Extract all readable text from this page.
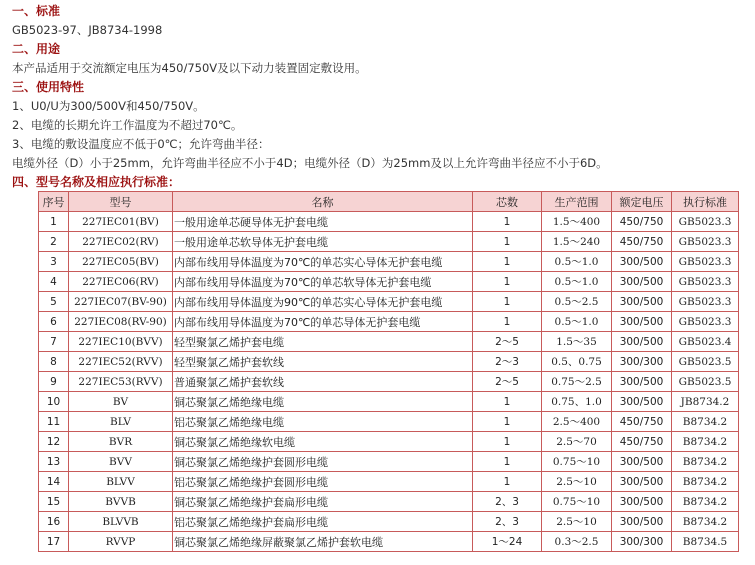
一、标准
GB5023-97、JB8734-1998
二、用途
本产品适用于交流额定电压为450/750V及以下动力装置固定敷设用。
三、使用特性
1、U0/U为300/500V和450/750V。
2、电缆的长期允许工作温度为不超过70℃。
3、电缆的敷设温度应不低于0℃；允许弯曲半径：
电缆外径（D）小于25mm，允许弯曲半径应不小于4D；电缆外径（D）为25mm及以上允许弯曲半径应不小于6D。
四、型号名称及相应执行标准：
序号	型号	名称	芯数	生产范围	额定电压	执行标准
1	227IEC01(BV)	一般用途单芯硬导体无护套电缆	1	1.5～400	450/750	GB5023.3
2	227IEC02(RV)	一般用途单芯软导体无护套电缆	1	1.5～240	450/750	GB5023.3
3	227IEC05(BV)	内部布线用导体温度为70℃的单芯实心导体无护套电缆	1	0.5～1.0	300/500	GB5023.3
4	227IEC06(RV)	内部布线用导体温度为70℃的单芯软导体无护套电缆	1	0.5～1.0	300/500	GB5023.3
5	227IEC07(BV-90)	内部布线用导体温度为90℃的单芯实心导体无护套电缆	1	0.5～2.5	300/500	GB5023.3
6	227IEC08(RV-90)	内部布线用导体温度为70℃的单芯导体无护套电缆	1	0.5～1.0	300/500	GB5023.3
7	227IEC10(BVV)	轻型聚氯乙烯护套电缆	2～5	1.5～35	300/500	GB5023.4
8	227IEC52(RVV)	轻型聚氯乙烯护套软线	2～3	0.5、0.75	300/300	GB5023.5
9	227IEC53(RVV)	普通聚氯乙烯护套软线	2～5	0.75～2.5	300/500	GB5023.5
10	BV	铜芯聚氯乙烯绝缘电缆	1	0.75、1.0	300/500	JB8734.2
11	BLV	铝芯聚氯乙烯绝缘电缆	1	2.5～400	450/750	B8734.2
12	BVR	铜芯聚氯乙烯绝缘软电缆	1	2.5～70	450/750	B8734.2
13	BVV	铜芯聚氯乙烯绝缘护套圆形电缆	1	0.75～10	300/500	B8734.2
14	BLVV	铝芯聚氯乙烯绝缘护套圆形电缆	1	2.5～10	300/500	B8734.2
15	BVVB	铜芯聚氯乙烯绝缘护套扁形电缆	2、3	0.75～10	300/500	B8734.2
16	BLVVB	铝芯聚氯乙烯绝缘护套扁形电缆	2、3	2.5～10	300/500	B8734.2
17	RVVP	铜芯聚氯乙烯绝缘屏蔽聚氯乙烯护套软电缆	1～24	0.3～2.5	300/300	B8734.5
